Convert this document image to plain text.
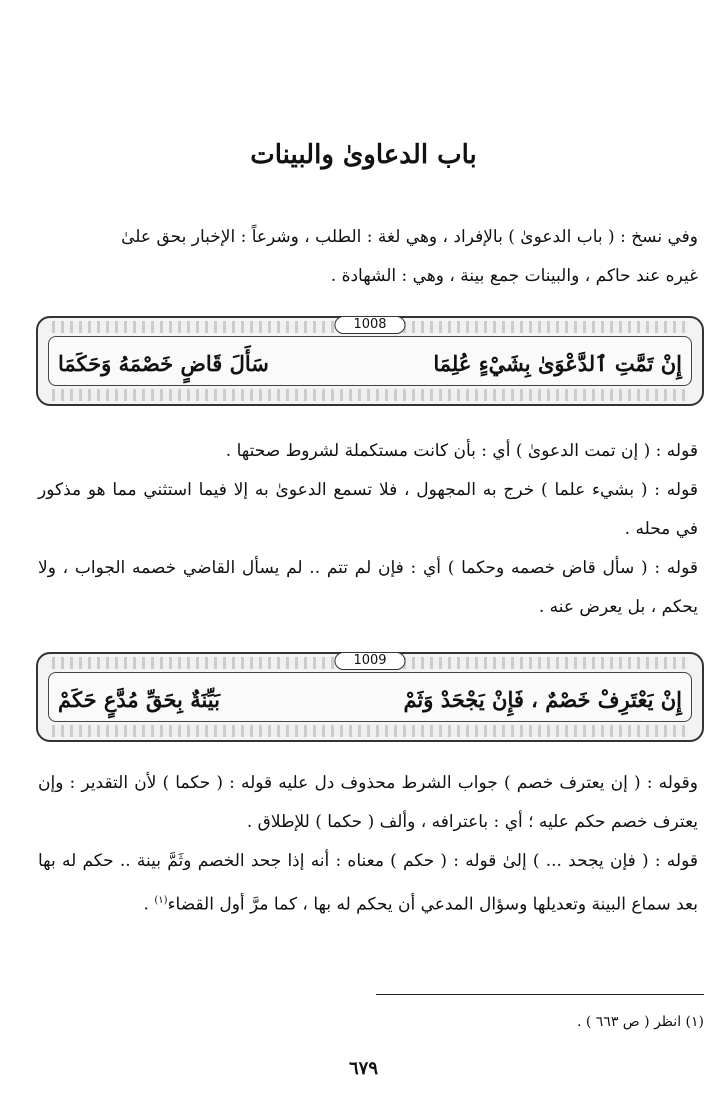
باب الدعاوىٰ والبينات
وفي نسخ : ( باب الدعوىٰ ) بالإفراد ، وهي لغة : الطلب ، وشرعاً : الإخبار بحق علىٰ
غيره عند حاكم ، والبينات جمع بينة ، وهي : الشهادة .
1008
إِنْ تَمَّتِ ٱلدَّعْوَىٰ بِشَيْءٍ عُلِمَا
سَأَلَ قَاضٍ خَصْمَهُ وَحَكَمَا
قوله : ( إن تمت الدعوىٰ ) أي : بأن كانت مستكملة لشروط صحتها .
قوله : ( بشيء علما ) خرج به المجهول ، فلا تسمع الدعوىٰ به إلا فيما استثني مما هو مذكور في محله .
قوله : ( سأل قاض خصمه وحكما ) أي : فإن لم تتم .. لم يسأل القاضي خصمه الجواب ، ولا يحكم ، بل يعرض عنه .
1009
إِنْ يَعْتَرِفْ خَصْمٌ ، فَإِنْ يَجْحَدْ وَثَمْ
بَيِّنَةٌ بِحَقِّ مُدَّعٍ حَكَمْ
وقوله : ( إن يعترف خصم ) جواب الشرط محذوف دل عليه قوله : ( حكما ) لأن التقدير : وإن يعترف خصم حكم عليه ؛ أي : باعترافه ، وألف ( حكما ) للإطلاق .
قوله : ( فإن يجحد ... ) إلىٰ قوله : ( حكم ) معناه : أنه إذا جحد الخصم وثَمَّ بينة .. حكم له بها بعد سماع البينة وتعديلها وسؤال المدعي أن يحكم له بها ، كما مرَّ أول القضاء$^{(١)}$ .
(١) انظر ( ص ٦٦٣ ) .
٦٧٩
